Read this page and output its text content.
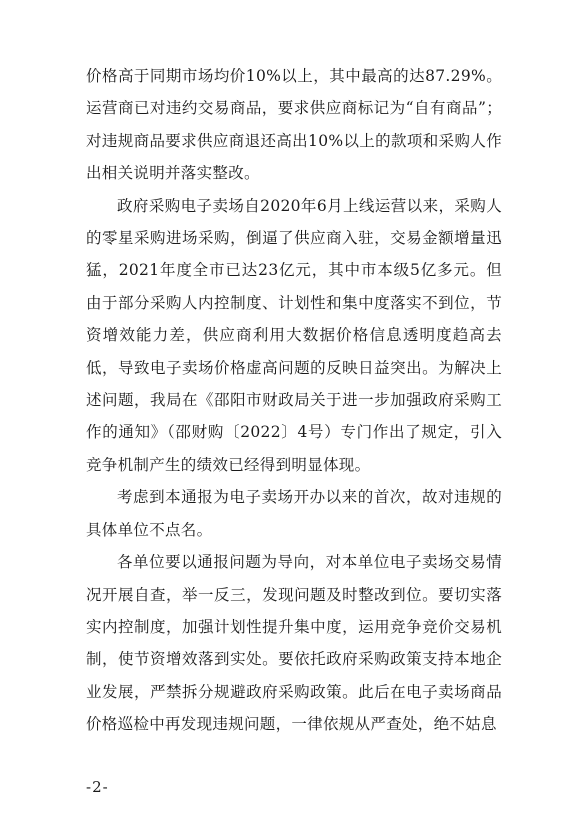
价格高于同期市场均价10%以上，其中最高的达87.29%。运营商已对违约交易商品，要求供应商标记为“自有商品”；对违规商品要求供应商退还高出10%以上的款项和采购人作出相关说明并落实整改。

政府采购电子卖场自2020年6月上线运营以来，采购人的零星采购进场采购，倒逼了供应商入驻，交易金额增量迅猛，2021年度全市已达23亿元，其中市本级5亿多元。但由于部分采购人内控制度、计划性和集中度落实不到位，节资增效能力差，供应商利用大数据价格信息透明度趋高去低，导致电子卖场价格虚高问题的反映日益突出。为解决上述问题，我局在《邵阳市财政局关于进一步加强政府采购工作的通知》（邵财购〔2022〕4号）专门作出了规定，引入竞争机制产生的绩效已经得到明显体现。

考虑到本通报为电子卖场开办以来的首次，故对违规的具体单位不点名。

各单位要以通报问题为导向，对本单位电子卖场交易情况开展自查，举一反三，发现问题及时整改到位。要切实落实内控制度，加强计划性提升集中度，运用竞争竞价交易机制，使节资增效落到实处。要依托政府采购政策支持本地企业发展，严禁拆分规避政府采购政策。此后在电子卖场商品价格巡检中再发现违规问题，一律依规从严查处，绝不姑息

-2-
